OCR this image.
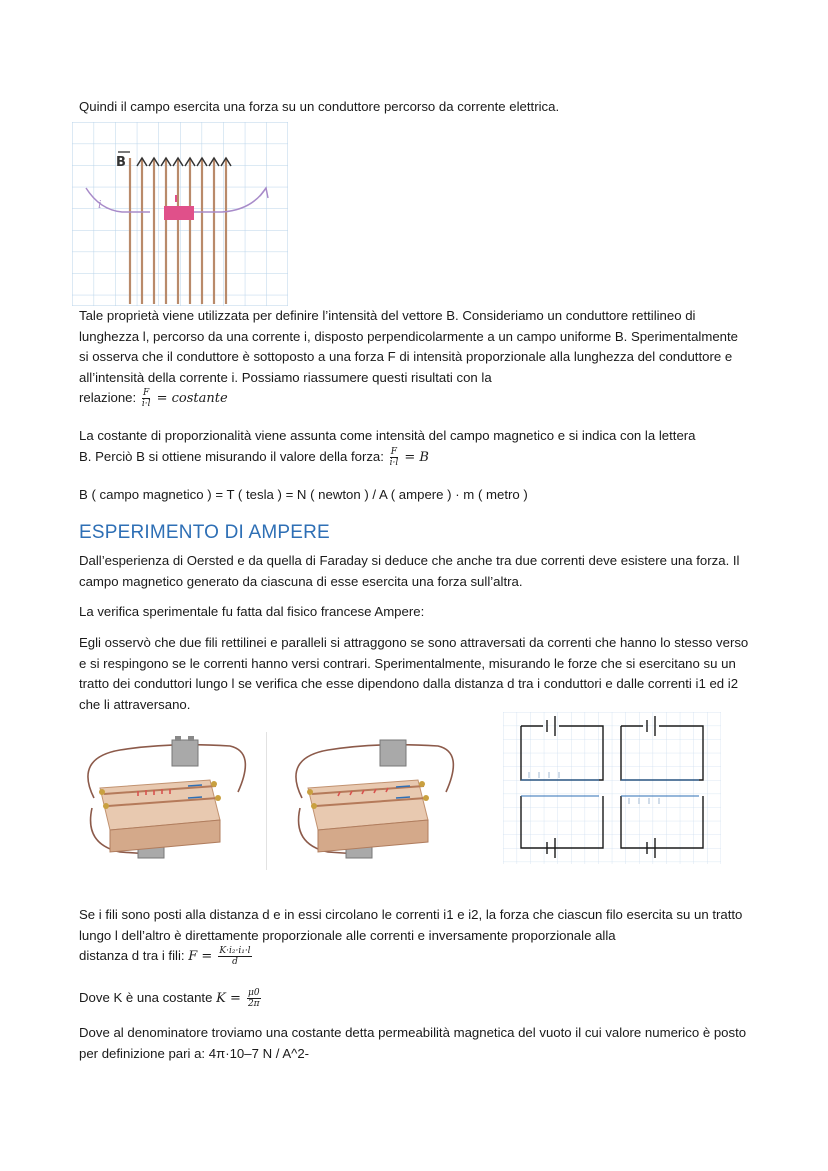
Quindi il campo esercita una forza su un conduttore percorso da corrente elettrica.

B
i

Tale proprietà viene utilizzata per definire l’intensità del vettore B. Consideriamo un conduttore rettilineo di lunghezza l, percorso da una corrente i, disposto perpendicolarmente a un campo uniforme B. Sperimentalmente si osserva che il conduttore è sottoposto a una forza F di intensità proporzionale alla lunghezza del conduttore e all’intensità della corrente i. Possiamo riassumere questi risultati con la
relazione: $\frac{F}{i\cdot l}$ = costante

La costante di proporzionalità viene assunta come intensità del campo magnetico e si indica con la lettera
B. Perciò B si ottiene misurando il valore della forza: $\frac{F}{i\cdot l} = B$

B ( campo magnetico ) = T ( tesla ) = N ( newton ) / A ( ampere ) · m ( metro )

ESPERIMENTO DI AMPERE

Dall’esperienza di Oersted e da quella di Faraday si deduce che anche tra due correnti deve esistere una forza. Il campo magnetico generato da ciascuna di esse esercita una forza sull’altra.

La verifica sperimentale fu fatta dal fisico francese Ampere:

Egli osservò che due fili rettilinei e paralleli si attraggono se sono attraversati da correnti che hanno lo stesso verso e si respingono se le correnti hanno versi contrari. Sperimentalmente, misurando le forze che si esercitano su un tratto dei conduttori lungo l se verifica che esse dipendono dalla distanza d tra i conduttori e dalle correnti i1 ed i2 che li attraversano.

Se i fili sono posti alla distanza d e in essi circolano le correnti i1 e i2, la forza che ciascun filo esercita su un tratto lungo l dell’altro è direttamente proporzionale alle correnti e inversamente proporzionale alla
distanza d tra i fili: $F = \frac{\text{K·i₂·i₁·l}}{d}$

Dove K è una costante $K = \frac{\mu 0}{2\pi}$

Dove al denominatore troviamo una costante detta permeabilità magnetica del vuoto il cui valore numerico è posto per definizione pari a: 4π·10–7 N / A^2-
